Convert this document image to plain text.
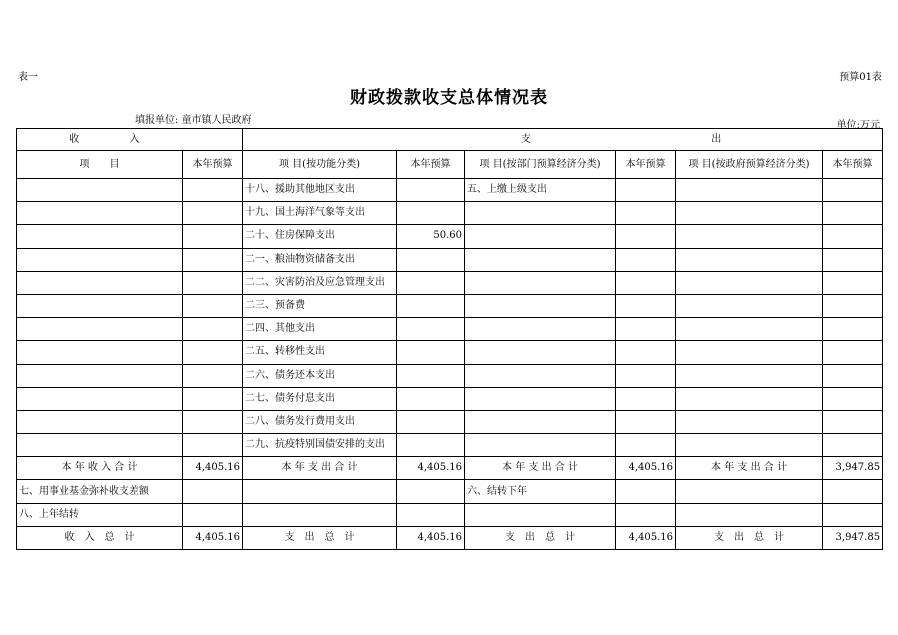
表一	预算01表
财政拨款收支总体情况表
填报单位: 童市镇人民政府	单位:万元
收 入		支 出					
项　　目	本年预算	项 目(按功能分类)	本年预算	项 目(按部门预算经济分类)	本年预算	项 目(按政府预算经济分类)	本年预算
		十八、援助其他地区支出		五、上缴上级支出			
		十九、国土海洋气象等支出					
		二十、住房保障支出	50.60				
		二一、粮油物资储备支出					
		二二、灾害防治及应急管理支出					
		二三、预备费					
		二四、其他支出					
		二五、转移性支出					
		二六、债务还本支出					
		二七、债务付息支出					
		二八、债务发行费用支出					
		二九、抗疫特别国债安排的支出					
本 年 收 入 合 计	4,405.16	本 年 支 出 合 计	4,405.16	本 年 支 出 合 计	4,405.16	本 年 支 出 合 计	3,947.85
七、用事业基金弥补收支差额				六、结转下年			
八、上年结转							
收　入　总　计	4,405.16	支　出　总　计	4,405.16	支　出　总　计	4,405.16	支　出　总　计	3,947.85
